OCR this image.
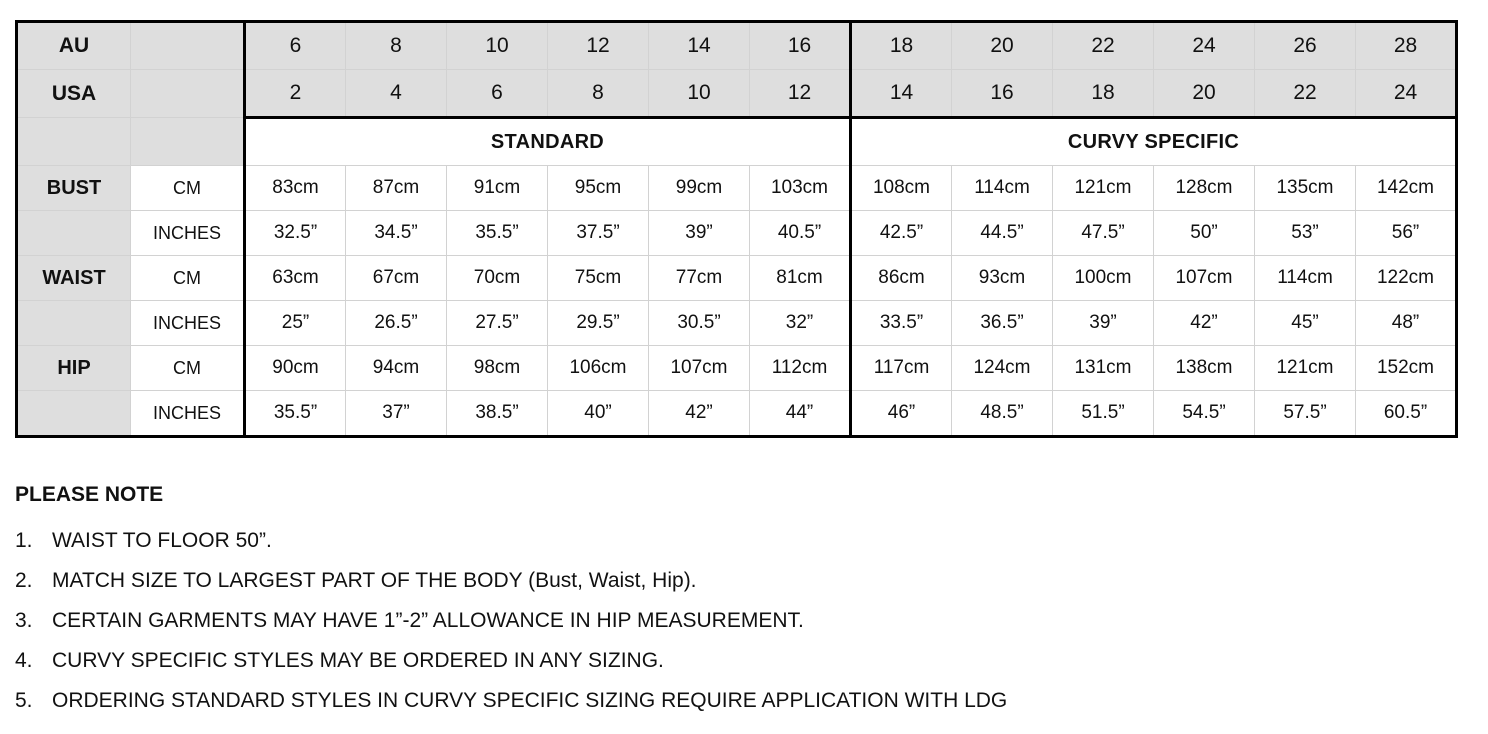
AU		6	8	10	12	14	16	18	20	22	24	26	28
USA		2	4	6	8	10	12	14	16	18	20	22	24
		STANDARD						CURVY SPECIFIC					
BUST	CM	83cm	87cm	91cm	95cm	99cm	103cm	108cm	114cm	121cm	128cm	135cm	142cm
	INCHES	32.5”	34.5”	35.5”	37.5”	39”	40.5”	42.5”	44.5”	47.5”	50”	53”	56”
WAIST	CM	63cm	67cm	70cm	75cm	77cm	81cm	86cm	93cm	100cm	107cm	114cm	122cm
	INCHES	25”	26.5”	27.5”	29.5”	30.5”	32”	33.5”	36.5”	39”	42”	45”	48”
HIP	CM	90cm	94cm	98cm	106cm	107cm	112cm	117cm	124cm	131cm	138cm	121cm	152cm
	INCHES	35.5”	37”	38.5”	40”	42”	44”	46”	48.5”	51.5”	54.5”	57.5”	60.5”
PLEASE NOTE
1. WAIST TO FLOOR 50”.
2. MATCH SIZE TO LARGEST PART OF THE BODY (Bust, Waist, Hip).
3. CERTAIN GARMENTS MAY HAVE 1”-2” ALLOWANCE IN HIP MEASUREMENT.
4. CURVY SPECIFIC STYLES MAY BE ORDERED IN ANY SIZING.
5. ORDERING STANDARD STYLES IN CURVY SPECIFIC SIZING REQUIRE APPLICATION WITH LDG
